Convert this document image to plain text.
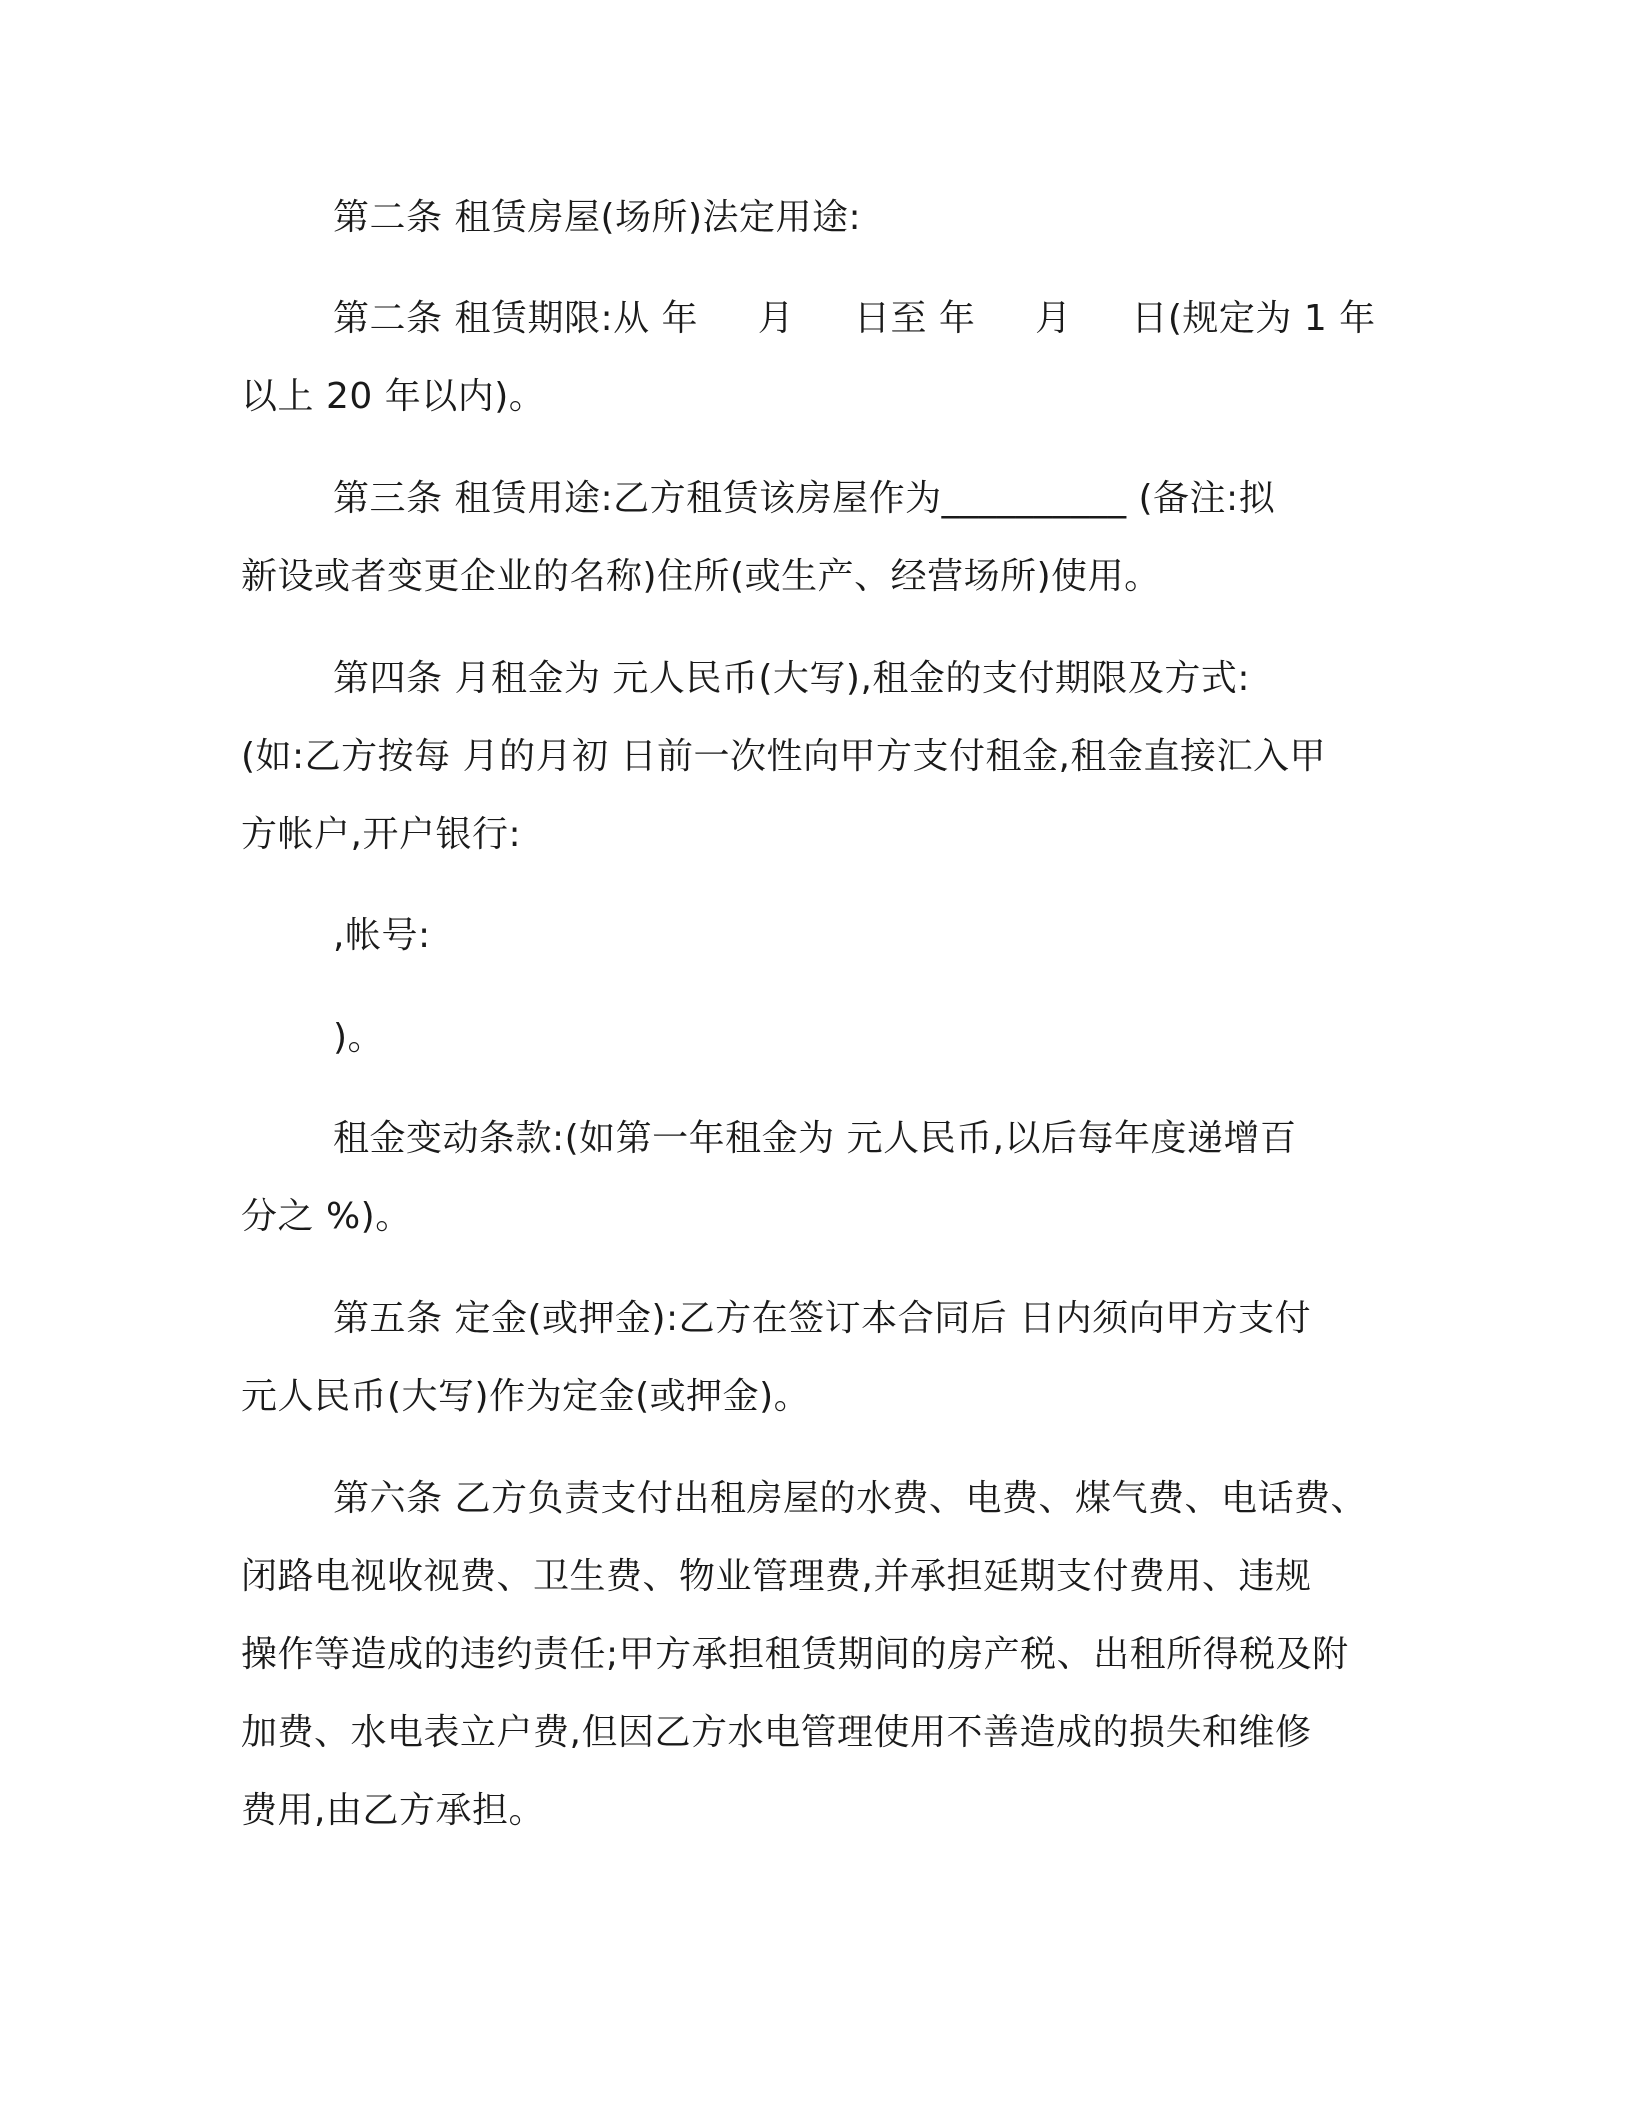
第二条 租赁房屋(场所)法定用途:
第二条 租赁期限:从 年     月     日至 年     月     日(规定为 1 年
以上 20 年以内)。
第三条 租赁用途:乙方租赁该房屋作为__________ (备注:拟
新设或者变更企业的名称)住所(或生产、经营场所)使用。
第四条 月租金为 元人民币(大写),租金的支付期限及方式:
(如:乙方按每 月的月初 日前一次性向甲方支付租金,租金直接汇入甲
方帐户,开户银行:
,帐号:
)。
租金变动条款:(如第一年租金为 元人民币,以后每年度递增百
分之 %)。
第五条 定金(或押金):乙方在签订本合同后 日内须向甲方支付
元人民币(大写)作为定金(或押金)。
第六条 乙方负责支付出租房屋的水费、电费、煤气费、电话费、
闭路电视收视费、卫生费、物业管理费,并承担延期支付费用、违规
操作等造成的违约责任;甲方承担租赁期间的房产税、出租所得税及附
加费、水电表立户费,但因乙方水电管理使用不善造成的损失和维修
费用,由乙方承担。
